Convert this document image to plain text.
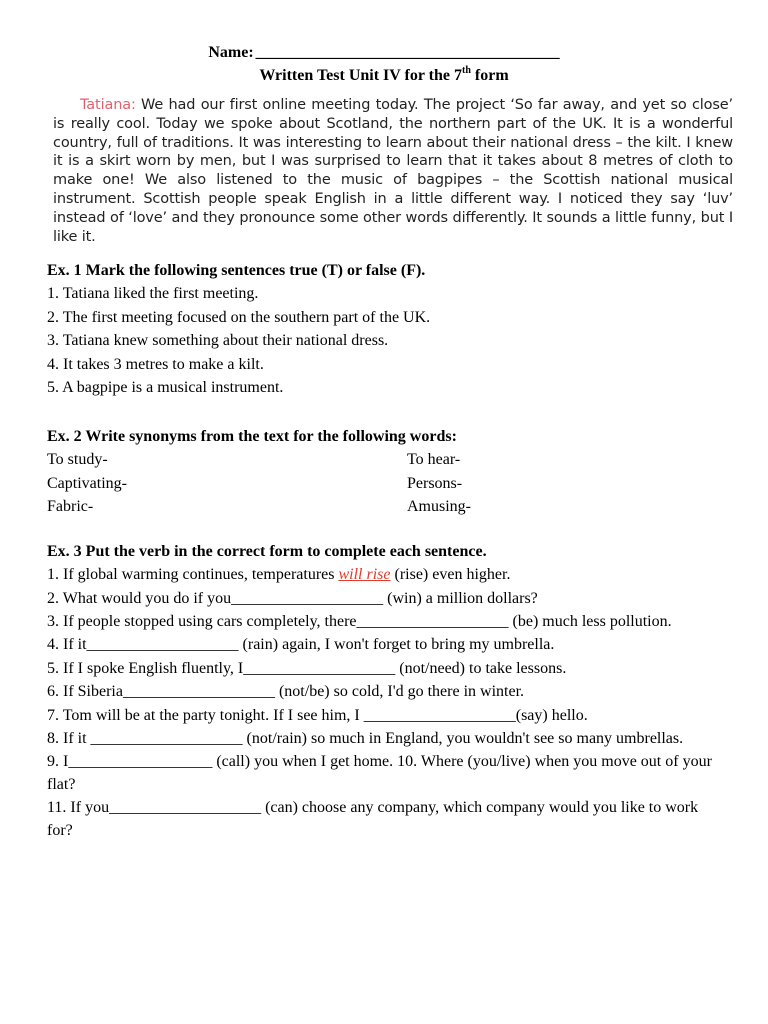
Name: ______________________________________
Written Test Unit IV for the 7th form
Tatiana: We had our first online meeting today. The project ‘So far away, and yet so close’ is really cool. Today we spoke about Scotland, the northern part of the UK. It is a wonderful country, full of traditions. It was interesting to learn about their national dress – the kilt. I knew it is a skirt worn by men, but I was surprised to learn that it takes about 8 metres of cloth to make one! We also listened to the music of bagpipes – the Scottish national musical instrument. Scottish people speak English in a little different way. I noticed they say ‘luv’ instead of ‘love’ and they pronounce some other words differently. It sounds a little funny, but I like it.
Ex. 1 Mark the following sentences true (T) or false (F).
1. Tatiana liked the first meeting.
2. The first meeting focused on the southern part of the UK.
3. Tatiana knew something about their national dress.
4. It takes 3 metres to make a kilt.
5. A bagpipe is a musical instrument.
Ex. 2 Write synonyms from the text for the following words:
To study-	To hear-
Captivating-	Persons-
Fabric-	Amusing-
Ex. 3 Put the verb in the correct form to complete each sentence.
1. If global warming continues, temperatures will rise (rise) even higher.
2. What would you do if you___________________ (win) a million dollars?
3. If people stopped using cars completely, there___________________ (be) much less pollution.
4. If it___________________ (rain) again, I won't forget to bring my umbrella.
5. If I spoke English fluently, I___________________ (not/need) to take lessons.
6. If Siberia___________________ (not/be) so cold, I'd go there in winter.
7. Tom will be at the party tonight. If I see him, I ___________________(say) hello.
8. If it ___________________ (not/rain) so much in England, you wouldn't see so many umbrellas.
9. I__________________ (call) you when I get home. 10. Where (you/live) when you move out of your flat?
11. If you___________________ (can) choose any company, which company would you like to work for?
